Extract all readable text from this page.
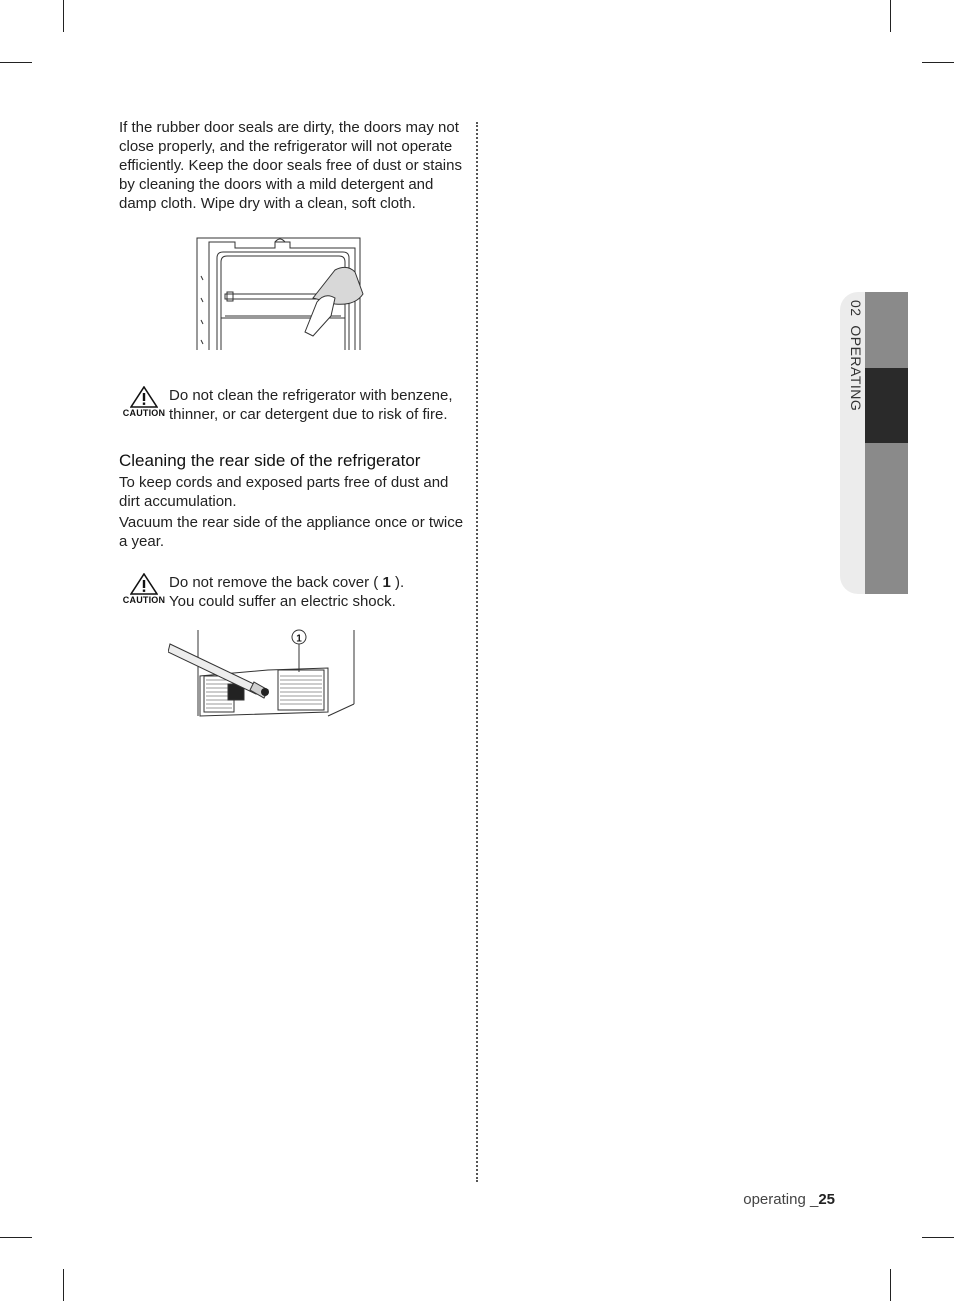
If the rubber door seals are dirty, the doors may not close properly, and the refrigerator will not operate efficiently. Keep the door seals free of dust or stains by cleaning the doors with a mild detergent and damp cloth. Wipe dry with a clean, soft cloth.

CAUTION
Do not clean the refrigerator with benzene, thinner, or car detergent due to risk of fire.
Cleaning the rear side of the refrigerator

To keep cords and exposed parts free of dust and dirt accumulation.

Vacuum the rear side of the appliance once or twice a year.

CAUTION
Do not remove the back cover ( 1 ).
You could suffer an electric shock.
1
02  OPERATING
operating _25
